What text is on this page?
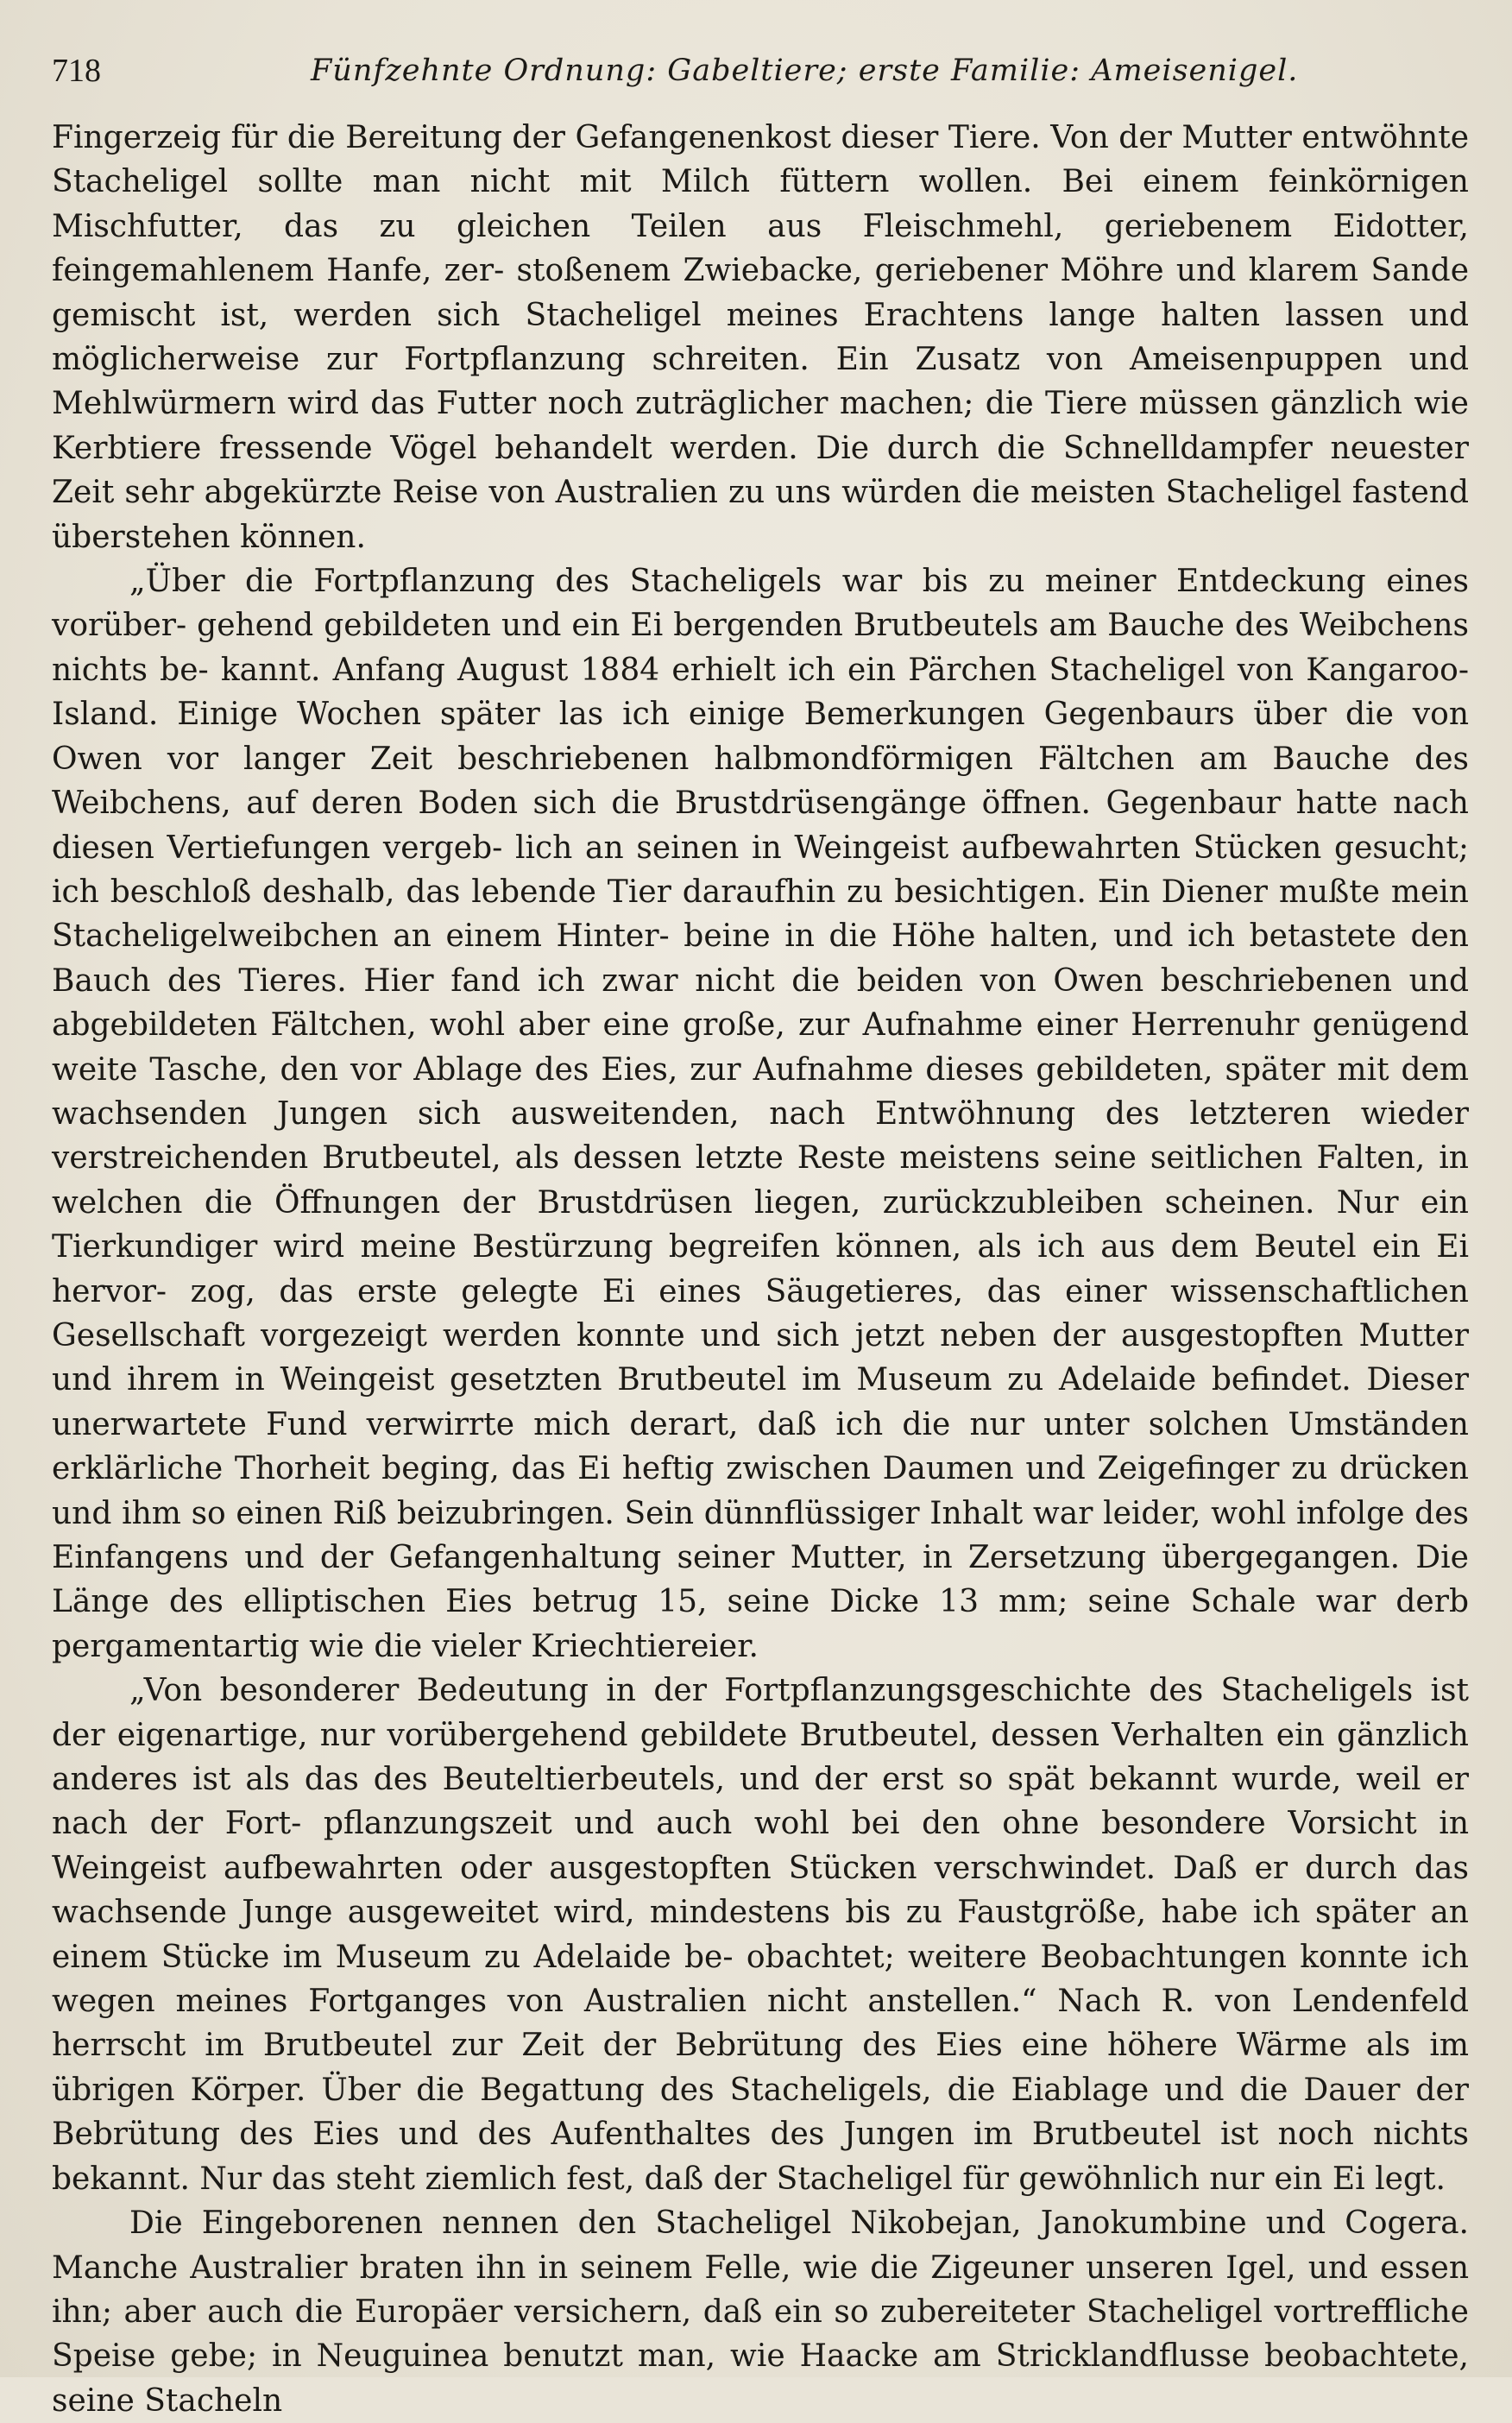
718	Fünfzehnte Ordnung: Gabeltiere; erste Familie: Ameisenigel.

Fingerzeig für die Bereitung der Gefangenenkost dieser Tiere. Von der Mutter entwöhnte Stacheligel sollte man nicht mit Milch füttern wollen. Bei einem feinkörnigen Mischfutter, das zu gleichen Teilen aus Fleischmehl, geriebenem Eidotter, feingemahlenem Hanfe, zer- stoßenem Zwiebacke, geriebener Möhre und klarem Sande gemischt ist, werden sich Stacheligel meines Erachtens lange halten lassen und möglicherweise zur Fortpflanzung schreiten. Ein Zusatz von Ameisenpuppen und Mehlwürmern wird das Futter noch zuträglicher machen; die Tiere müssen gänzlich wie Kerbtiere fressende Vögel behandelt werden. Die durch die Schnelldampfer neuester Zeit sehr abgekürzte Reise von Australien zu uns würden die meisten Stacheligel fastend überstehen können.

„Über die Fortpflanzung des Stacheligels war bis zu meiner Entdeckung eines vorüber- gehend gebildeten und ein Ei bergenden Brutbeutels am Bauche des Weibchens nichts be- kannt. Anfang August 1884 erhielt ich ein Pärchen Stacheligel von Kangaroo-Island. Einige Wochen später las ich einige Bemerkungen Gegenbaurs über die von Owen vor langer Zeit beschriebenen halbmondförmigen Fältchen am Bauche des Weibchens, auf deren Boden sich die Brustdrüsengänge öffnen. Gegenbaur hatte nach diesen Vertiefungen vergeb- lich an seinen in Weingeist aufbewahrten Stücken gesucht; ich beschloß deshalb, das lebende Tier daraufhin zu besichtigen. Ein Diener mußte mein Stacheligelweibchen an einem Hinter- beine in die Höhe halten, und ich betastete den Bauch des Tieres. Hier fand ich zwar nicht die beiden von Owen beschriebenen und abgebildeten Fältchen, wohl aber eine große, zur Aufnahme einer Herrenuhr genügend weite Tasche, den vor Ablage des Eies, zur Aufnahme dieses gebildeten, später mit dem wachsenden Jungen sich ausweitenden, nach Entwöhnung des letzteren wieder verstreichenden Brutbeutel, als dessen letzte Reste meistens seine seitlichen Falten, in welchen die Öffnungen der Brustdrüsen liegen, zurückzubleiben scheinen. Nur ein Tierkundiger wird meine Bestürzung begreifen können, als ich aus dem Beutel ein Ei hervor- zog, das erste gelegte Ei eines Säugetieres, das einer wissenschaftlichen Gesellschaft vorgezeigt werden konnte und sich jetzt neben der ausgestopften Mutter und ihrem in Weingeist gesetzten Brutbeutel im Museum zu Adelaide befindet. Dieser unerwartete Fund verwirrte mich derart, daß ich die nur unter solchen Umständen erklärliche Thorheit beging, das Ei heftig zwischen Daumen und Zeigefinger zu drücken und ihm so einen Riß beizubringen. Sein dünnflüssiger Inhalt war leider, wohl infolge des Einfangens und der Gefangenhaltung seiner Mutter, in Zersetzung übergegangen. Die Länge des elliptischen Eies betrug 15, seine Dicke 13 mm; seine Schale war derb pergamentartig wie die vieler Kriechtiereier.

„Von besonderer Bedeutung in der Fortpflanzungsgeschichte des Stacheligels ist der eigenartige, nur vorübergehend gebildete Brutbeutel, dessen Verhalten ein gänzlich anderes ist als das des Beuteltierbeutels, und der erst so spät bekannt wurde, weil er nach der Fort- pflanzungszeit und auch wohl bei den ohne besondere Vorsicht in Weingeist aufbewahrten oder ausgestopften Stücken verschwindet. Daß er durch das wachsende Junge ausgeweitet wird, mindestens bis zu Faustgröße, habe ich später an einem Stücke im Museum zu Adelaide be- obachtet; weitere Beobachtungen konnte ich wegen meines Fortganges von Australien nicht anstellen.“ Nach R. von Lendenfeld herrscht im Brutbeutel zur Zeit der Bebrütung des Eies eine höhere Wärme als im übrigen Körper. Über die Begattung des Stacheligels, die Eiablage und die Dauer der Bebrütung des Eies und des Aufenthaltes des Jungen im Brutbeutel ist noch nichts bekannt. Nur das steht ziemlich fest, daß der Stacheligel für gewöhnlich nur ein Ei legt.

Die Eingeborenen nennen den Stacheligel Nikobejan, Janokumbine und Cogera. Manche Australier braten ihn in seinem Felle, wie die Zigeuner unseren Igel, und essen ihn; aber auch die Europäer versichern, daß ein so zubereiteter Stacheligel vortreffliche Speise gebe; in Neuguinea benutzt man, wie Haacke am Stricklandflusse beobachtete, seine Stacheln
